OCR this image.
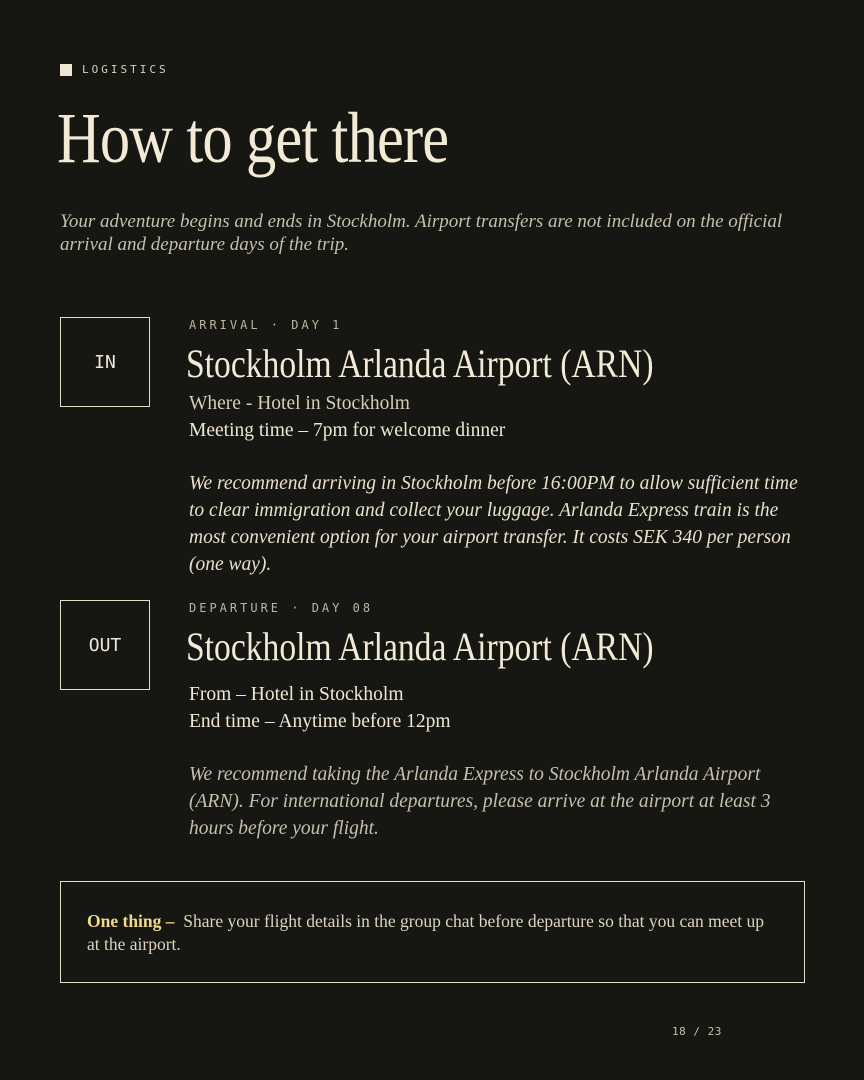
LOGISTICS
How to get there

Your adventure begins and ends in Stockholm. Airport transfers are not included on the official arrival and departure days of the trip.

IN
ARRIVAL · DAY 1
Stockholm Arlanda Airport (ARN)
Where - Hotel in Stockholm
Meeting time – 7pm for welcome dinner
We recommend arriving in Stockholm before 16:00PM to allow sufficient time to clear immigration and collect your luggage. Arlanda Express train is the most convenient option for your airport transfer. It costs SEK 340 per person (one way).
OUT
DEPARTURE · DAY 08
Stockholm Arlanda Airport (ARN)
From – Hotel in Stockholm
End time – Anytime before 12pm
We recommend taking the Arlanda Express to Stockholm Arlanda Airport (ARN). For international departures, please arrive at the airport at least 3 hours before your flight.
One thing – Share your flight details in the group chat before departure so that you can meet up at the airport.
18 / 23
